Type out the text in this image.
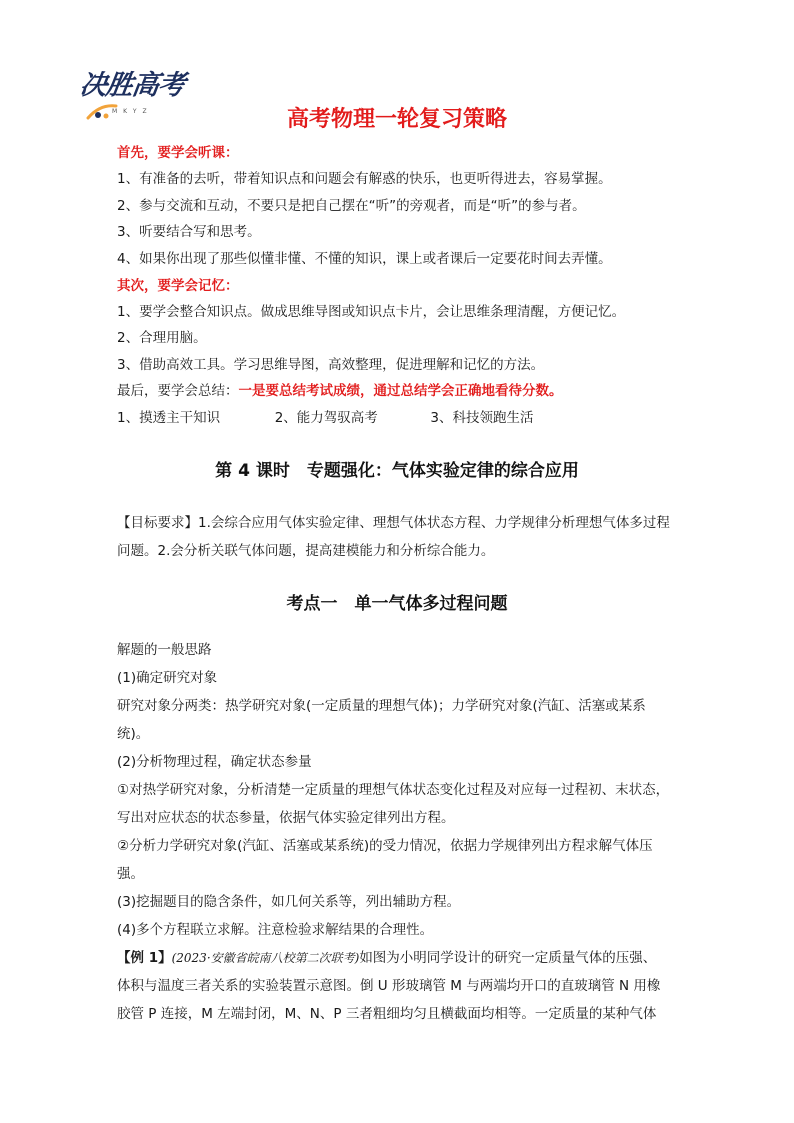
决胜高考
M K Y Z	高考物理一轮复习策略
首先，要学会听课：
1、有准备的去听，带着知识点和问题会有解惑的快乐，也更听得进去，容易掌握。
2、参与交流和互动，不要只是把自己摆在“听”的旁观者，而是“听”的参与者。
3、听要结合写和思考。
4、如果你出现了那些似懂非懂、不懂的知识，课上或者课后一定要花时间去弄懂。
其次，要学会记忆：
1、要学会整合知识点。做成思维导图或知识点卡片，会让思维条理清醒，方便记忆。
2、合理用脑。
3、借助高效工具。学习思维导图，高效整理，促进理解和记忆的方法。
最后，要学会总结：一是要总结考试成绩，通过总结学会正确地看待分数。
1、摸透主干知识	2、能力驾驭高考	3、科技领跑生活
第 4 课时　专题强化：气体实验定律的综合应用
【目标要求】1.会综合应用气体实验定律、理想气体状态方程、力学规律分析理想气体多过程
问题。2.会分析关联气体问题，提高建模能力和分析综合能力。
考点一　单一气体多过程问题
解题的一般思路
(1)确定研究对象
研究对象分两类：热学研究对象(一定质量的理想气体)；力学研究对象(汽缸、活塞或某系
统)。
(2)分析物理过程，确定状态参量
①对热学研究对象，分析清楚一定质量的理想气体状态变化过程及对应每一过程初、末状态，
写出对应状态的状态参量，依据气体实验定律列出方程。
②分析力学研究对象(汽缸、活塞或某系统)的受力情况，依据力学规律列出方程求解气体压
强。
(3)挖掘题目的隐含条件，如几何关系等，列出辅助方程。
(4)多个方程联立求解。注意检验求解结果的合理性。
【例 1】(2023·安徽省皖南八校第二次联考)如图为小明同学设计的研究一定质量气体的压强、
体积与温度三者关系的实验装置示意图。倒 U 形玻璃管 M 与两端均开口的直玻璃管 N 用橡
胶管 P 连接，M 左端封闭，M、N、P 三者粗细均匀且横截面均相等。一定质量的某种气体
